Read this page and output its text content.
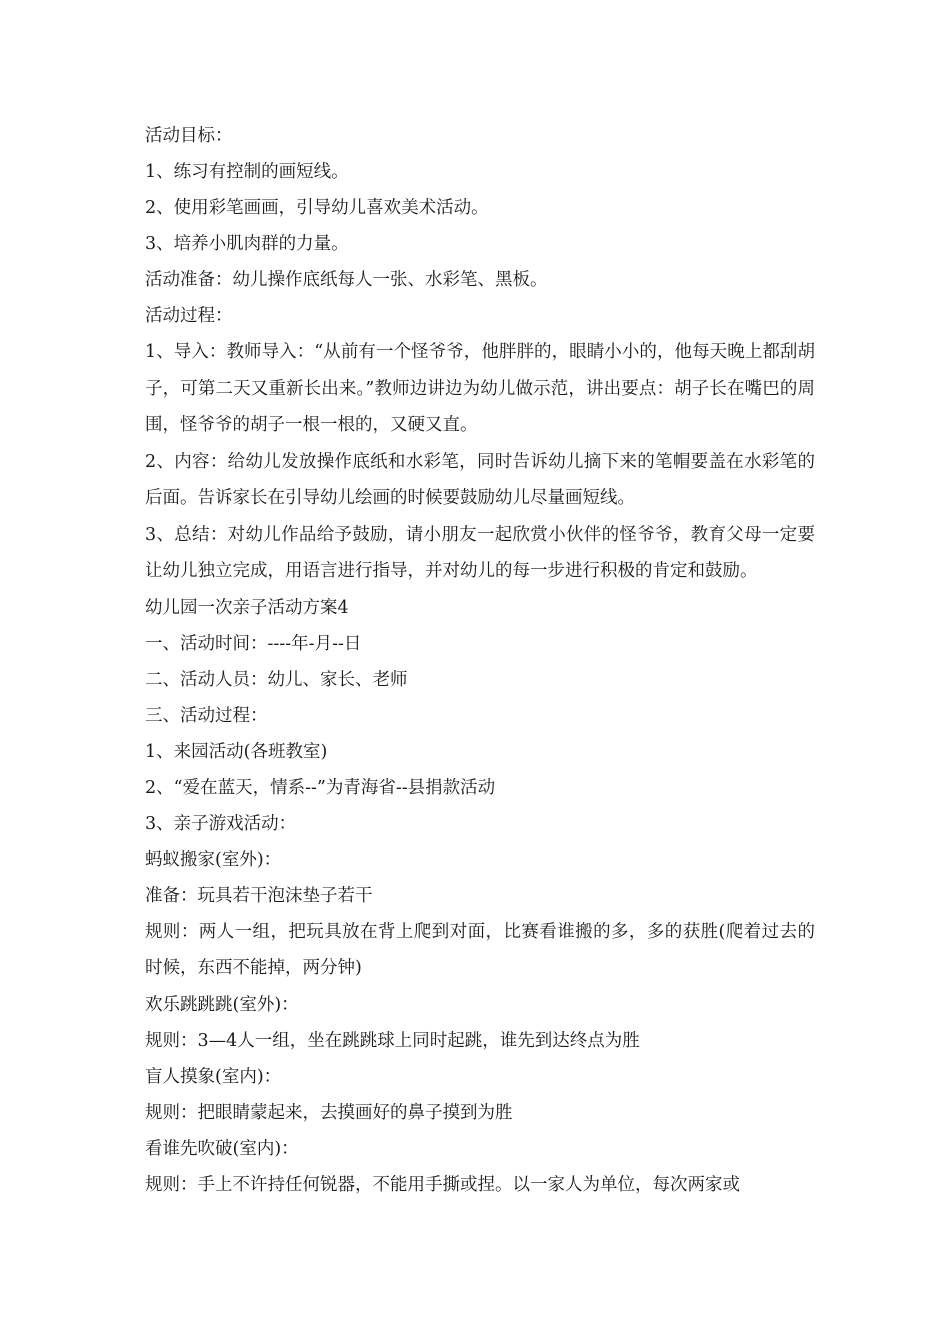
活动目标：

1、练习有控制的画短线。

2、使用彩笔画画，引导幼儿喜欢美术活动。

3、培养小肌肉群的力量。

活动准备：幼儿操作底纸每人一张、水彩笔、黑板。

活动过程：

1、导入：教师导入：“从前有一个怪爷爷，他胖胖的，眼睛小小的，他每天晚上都刮胡子，可第二天又重新长出来。”教师边讲边为幼儿做示范，讲出要点：胡子长在嘴巴的周围，怪爷爷的胡子一根一根的，又硬又直。

2、内容：给幼儿发放操作底纸和水彩笔，同时告诉幼儿摘下来的笔帽要盖在水彩笔的后面。告诉家长在引导幼儿绘画的时候要鼓励幼儿尽量画短线。

3、总结：对幼儿作品给予鼓励，请小朋友一起欣赏小伙伴的怪爷爷，教育父母一定要让幼儿独立完成，用语言进行指导，并对幼儿的每一步进行积极的肯定和鼓励。

幼儿园一次亲子活动方案4

一、活动时间：----年-月--日

二、活动人员：幼儿、家长、老师

三、活动过程：

1、来园活动(各班教室)

2、“爱在蓝天，情系--”为青海省--县捐款活动

3、亲子游戏活动：

蚂蚁搬家(室外)：

准备：玩具若干泡沫垫子若干

规则：两人一组，把玩具放在背上爬到对面，比赛看谁搬的多，多的获胜(爬着过去的时候，东西不能掉，两分钟)

欢乐跳跳跳(室外)：

规则：3—4人一组，坐在跳跳球上同时起跳，谁先到达终点为胜

盲人摸象(室内)：

规则：把眼睛蒙起来，去摸画好的鼻子摸到为胜

看谁先吹破(室内)：

规则：手上不许持任何锐器，不能用手撕或捏。以一家人为单位，每次两家或
